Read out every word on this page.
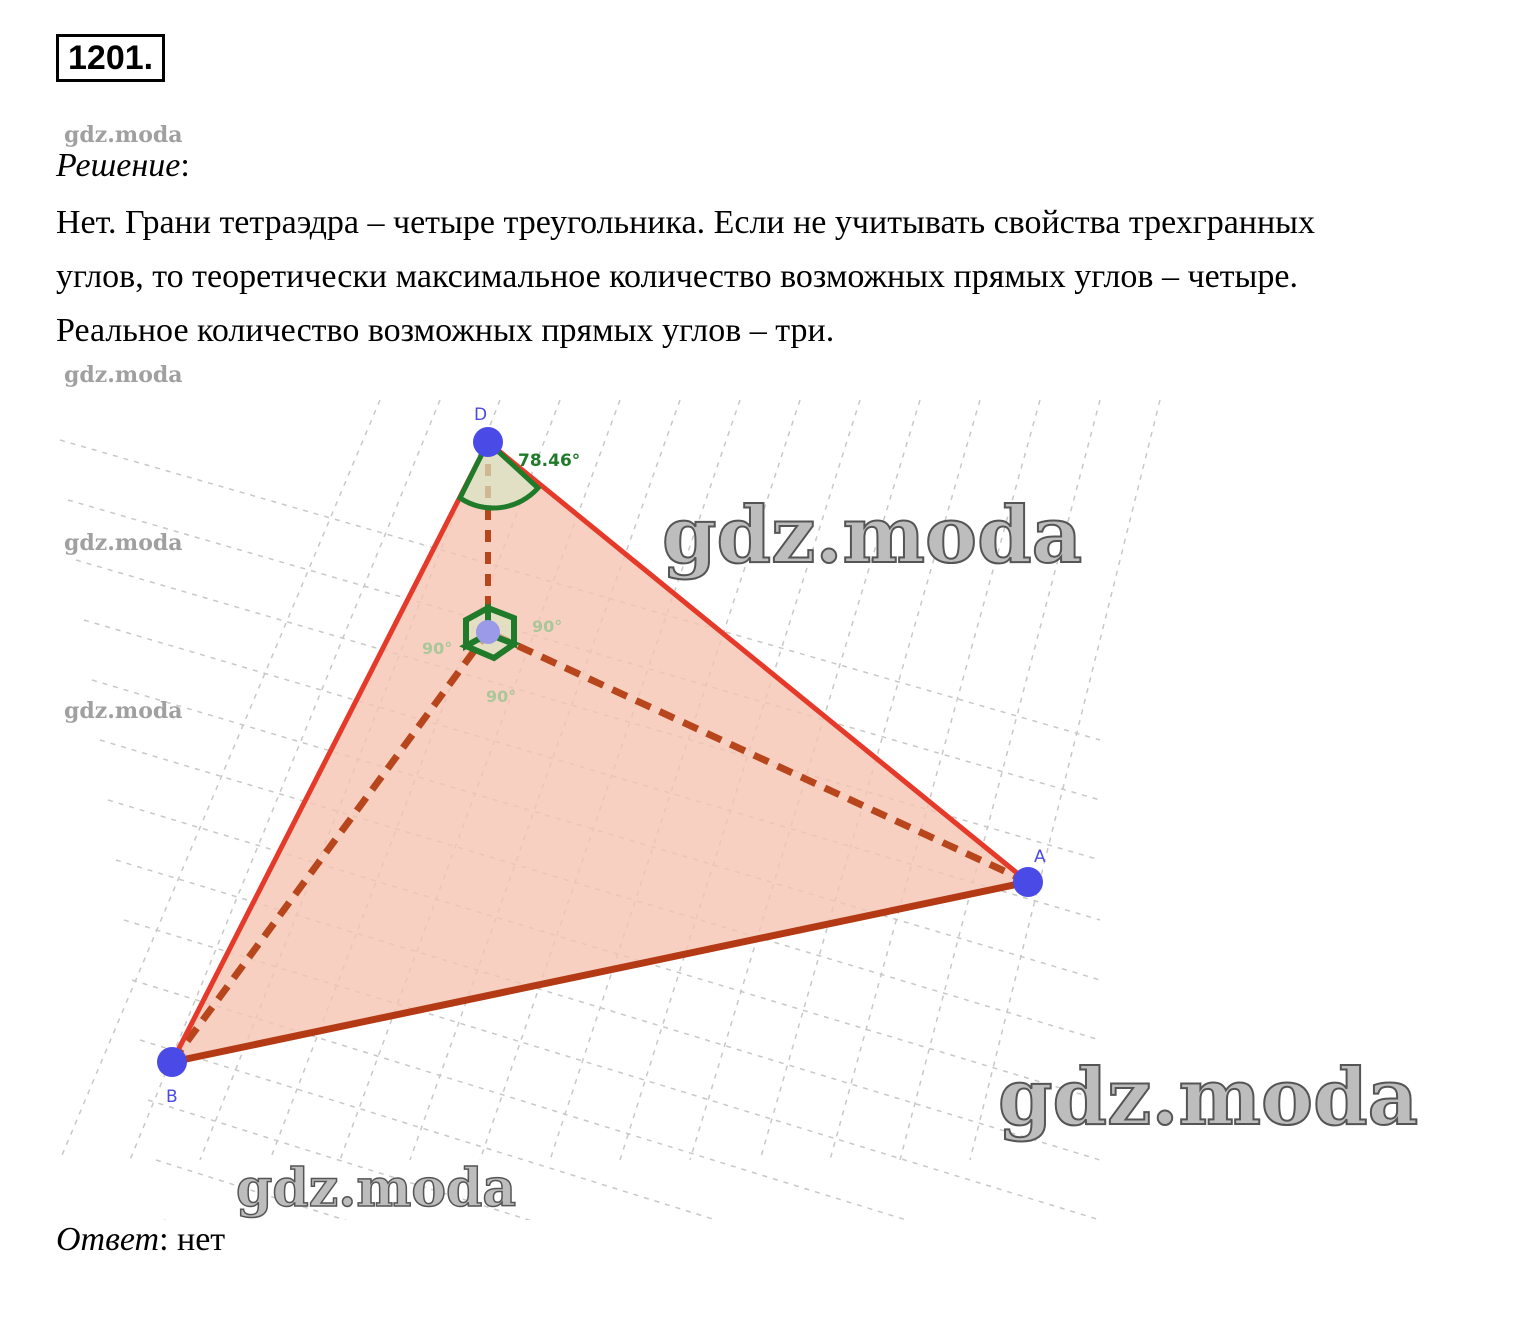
1201.
gdz.moda
Решение:

Нет. Грани тетраэдра – четыре треугольника. Если не учитывать свойства трехгранных

углов, то теоретически максимальное количество возможных прямых углов – четыре.

Реальное количество возможных прямых углов – три.

gdz.moda
gdz.moda
gdz.moda
78.46°
90°
90°
90°
D
A
B
gdz.moda
gdz.moda
gdz.moda
Ответ: нет
